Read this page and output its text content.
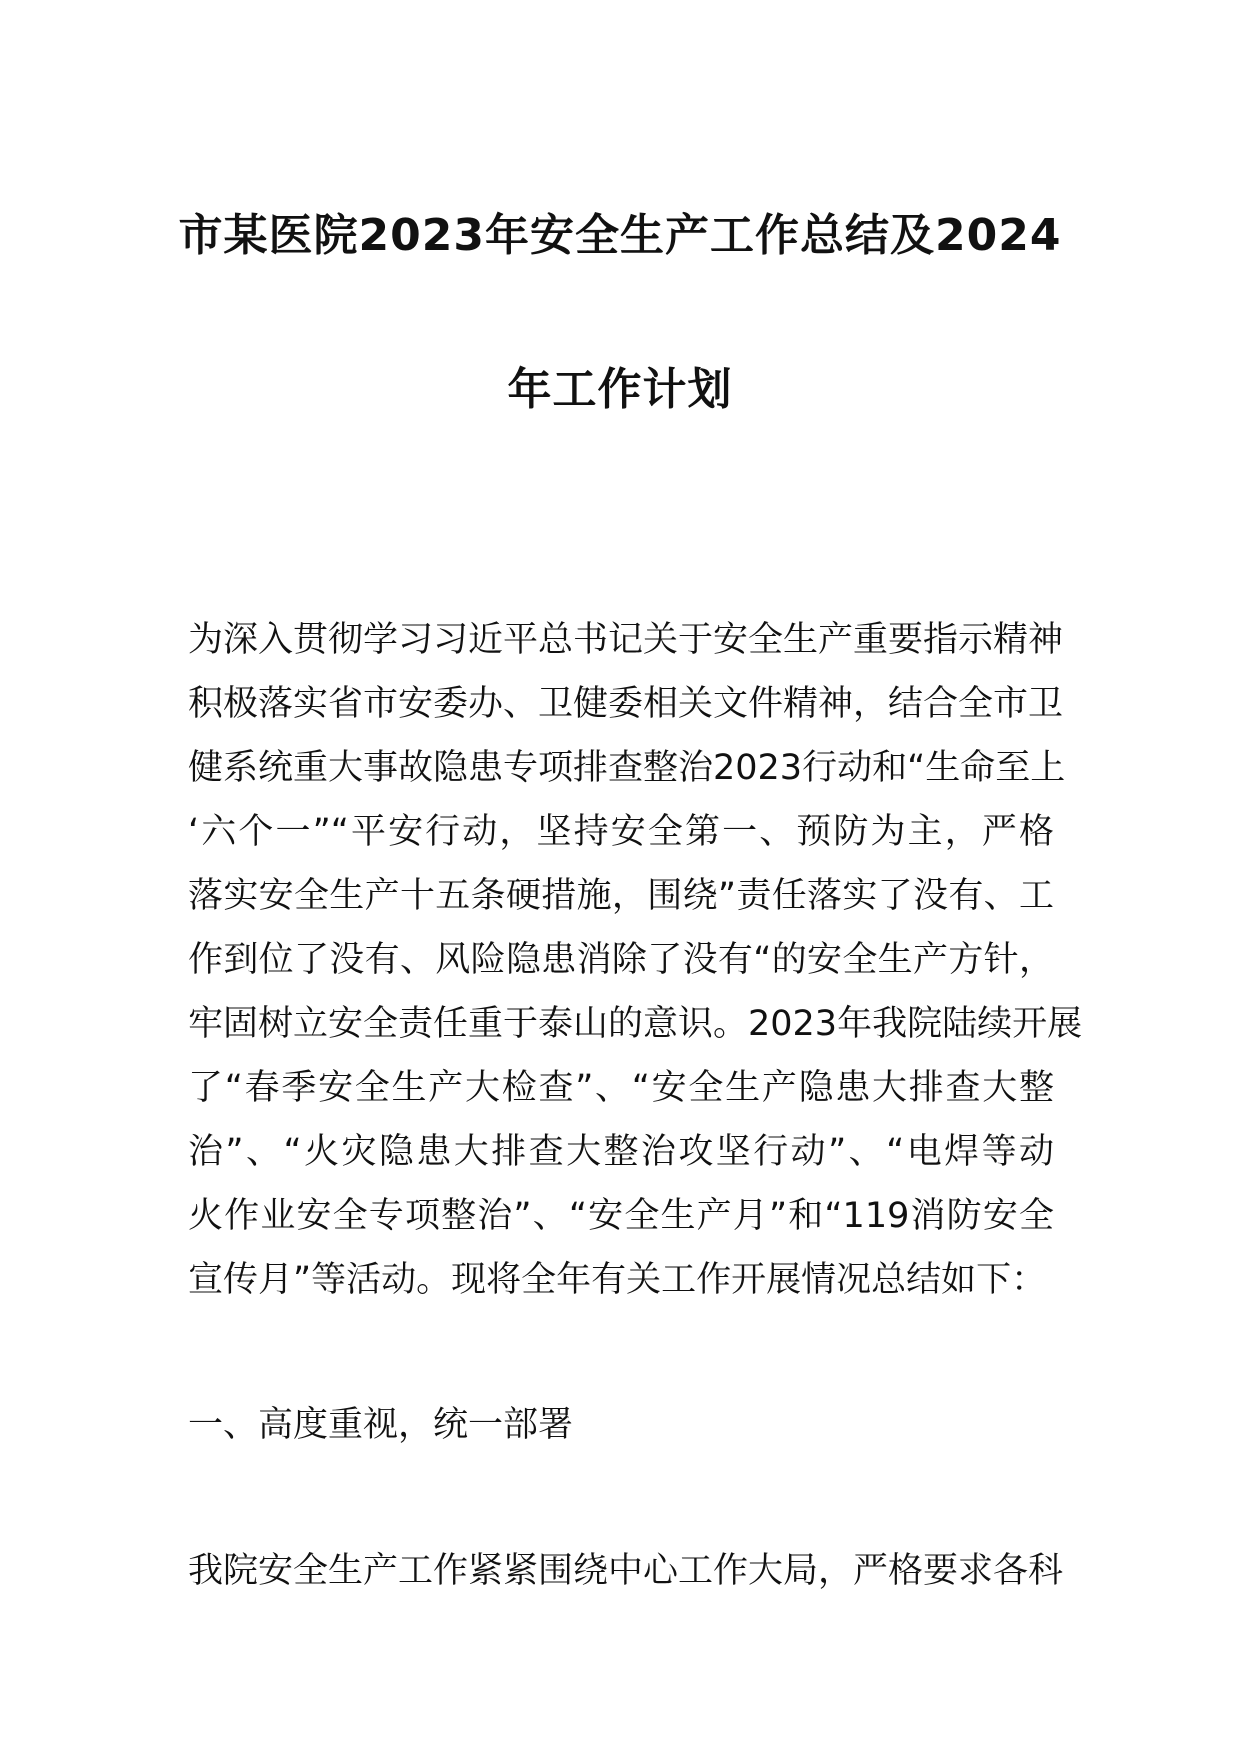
市某医院2023年安全生产工作总结及2024
年工作计划
为深入贯彻学习习近平总书记关于安全生产重要指示精神
积极落实省市安委办、卫健委相关文件精神，结合全市卫
健系统重大事故隐患专项排查整治2023行动和“生命至上
‘六个一”“平安行动，坚持安全第一、预防为主，严格
落实安全生产十五条硬措施，围绕”责任落实了没有、工
作到位了没有、风险隐患消除了没有“的安全生产方针，
牢固树立安全责任重于泰山的意识。2023年我院陆续开展
了“春季安全生产大检查”、“安全生产隐患大排查大整
治”、“火灾隐患大排查大整治攻坚行动”、“电焊等动
火作业安全专项整治”、“安全生产月”和“119消防安全
宣传月”等活动。现将全年有关工作开展情况总结如下：
一、高度重视，统一部署
我院安全生产工作紧紧围绕中心工作大局，严格要求各科
